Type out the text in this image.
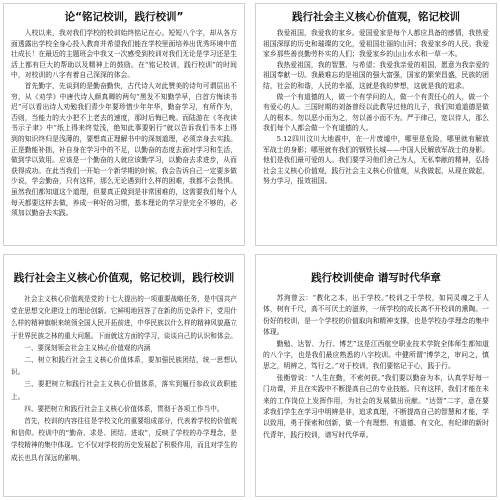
论“铭记校训，践行校训”

入校以来，我对我们学校的校训始终铭记在心。短短八个字，却从各方面透露出学校全身心投入教育并希望我们能在学校里面培养出优秀环境中茁壮成长！在最近的主题班会中我又一次感受到校训对我们无论是学习还是生活上都有巨大的帮助以及精神上的鼓励。在“铭记校训，践行校训”的时间中，对校训的八字有着自己深深的体会。

首先勤字，先谈到的是勤奋勤快，古代诗人对此赞美的诗句可谓层出不穷，从《劝学》中唐代诗人颜真卿的两句“黑发不知勤学早，白首方悔读书迟”可以看出诗人劝勉我们青少年要珍惜少年年华，勤奋学习，有所作为，否则，当能力的大小把不上老去的速度，那时后悔已晚。而陆游在《冬夜读书示子聿》中“纸上得来终觉浅，绝知此事要躬行”就以告诉我们书本上得到的知识终归是浅薄的，要想真正理解书中的深刻道理，必须亲身去实践。正是勤能补拙，补自身在学习中的不足，以勤奋的态度去面对学习和生活，做到学以致用。应该是一个勤奋的人就应该勤学习，以勤奋去求进步，从而获得成功。在此当我们一开始一个新学期的时候，我会告诉自己一定要多做少说，学会勤奋，只有这样，那么无论遇到什么样的困难，我都不会畏惧。虽然我们都知道这个道理，但要真正做到是非常困难的，这需要我们每个人每天都要这样去做，养成一种好的习惯，基本理论的学习是完全不够的，必须加以勤奋去实践。

践行社会主义核心价值观，铭记校训

我爱祖国，我爱我的家乡。爱国爱家是每个人都应具备的感情，我热爱祖国深厚的历史和璀璨的文化，爱祖国壮丽的山河；我爱家乡的人民。我爱家乡那些善良勤劳朴实的人们；我爱家乡的山山水水和一草一木。

我热爱祖国，我的智慧、与希望；我爱我亲爱的祖国，愿意为我亲爱的祖国奉献一切。我最难忘的是祖国的强大富强，国家的繁荣昌盛，民族的团结，社会的和谐，人民的幸福，这就是我的梦想，这就是我的追求。

做一个有道德的人，做一个有学问的人，做一个有责任心的人，做一个有爱心的人。三国时期的刘备曾经以此教导过他的儿子，我们知道道德是做人的根本。勿以恶小而为之，勿以善小而不为。严于律己，宽以待人，那么我们每个人都会做一个有道德的人。

5.12四川汶川大地震中，在一片废墟中，哪里是危险，哪里就有解放军战士的身影；哪里就有我们的钢铁长城——中国人民解放军战士的身影。他们是我们最可爱的人。我们要学习他们舍己为人，无私奉献的精神，弘扬社会主义核心价值观，践行社会主义核心价值观，从我做起，从现在做起，努力学习，报效祖国。

践行社会主义核心价值观，铭记校训，践行校训

社会主义核心价值观是党的十七大提出的一项重要战略任务，是中国共产党在思想文化建设上的理论创新。它鲜明地回答了在新的历史条件下，党用什么样的精神旗帜来统领全国人民开拓前进，中华民族以什么样的精神风貌矗立于世界民族之林的重大问题。下面就这方面的学习，谈谈自己的认识和体会。

一、要深刻领会社会主义核心价值观的内涵

二、树立和践行社会主义核心价值体系，要加强民族团结，统一思想认识。

三、要把树立和践行社会主义核心价值体系，落实到履行参政议政职能上。

四、要把树立和践行社会主义核心价值体系，贯彻于各项工作当中。

首先，校训的内容往往是学校文化的重要组成部分，代表着学校的价值观和信仰。校训中的“勤奋、求是、团结、进取”，反映了学校的办学理念，是学校精神的集中体现。它不仅对学校的历史发展起了积极作用，而且对学生的成长也具有深远的影响。

践行校训使命 谱写时代华章

苏洵曾云：“教化之本，出于学校。”校训之于学校，如同灵魂之于人体，树有千尺，高不可厌土的滋养，一所学校的成长离不开校训的熏陶。一份好的校训，是一个学校的价值取向和精神支撑，也是学校办学理念的集中体现。

勤勉、达智、力行、博艺”这是江西航空职业技术学院全体师生都知道的八个字，也是我们最应熟悉的八字校训。中健所谓“博学之，审问之，慎思之，明辨之，笃行之。”对于校训，我们要铭记于心，践于行。

张衡曾说：“人生在勤，不索何获。”我们要以勤奋为本，认真学好每一门功课，并且在实践中不断提高自己的专业技能。只有这样，我们才能在未来的工作岗位上发挥作用，为社会的发展做出贡献。“达智”二字，意在要求我们学生在学习中明辨是非，追求真理，不断提高自己的智慧和才能，学以致用，勇于探索和创新，做一个有理想、有道德、有文化、有纪律的新时代青年，践行校训，谱写时代华章。
